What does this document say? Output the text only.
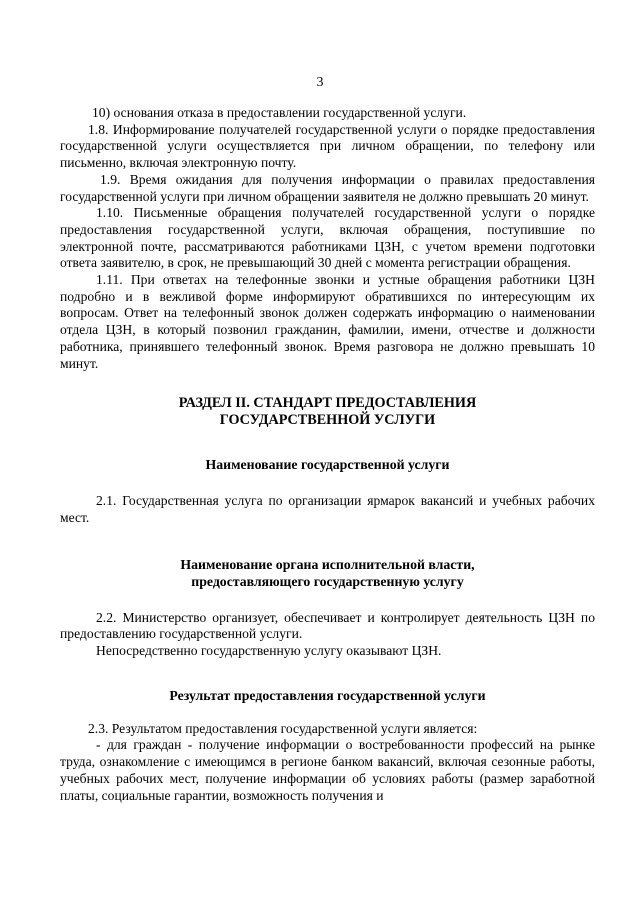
3

10) основания отказа в предоставлении государственной услуги.

1.8. Информирование получателей государственной услуги о порядке предоставления государственной услуги осуществляется при личном обращении, по телефону или письменно, включая электронную почту.

1.9. Время ожидания для получения информации о правилах предоставления государственной услуги при личном обращении заявителя не должно превышать 20 минут.

1.10. Письменные обращения получателей государственной услуги о порядке предоставления государственной услуги, включая обращения, поступившие по электронной почте, рассматриваются работниками ЦЗН, с учетом времени подготовки ответа заявителю, в срок, не превышающий 30 дней с момента регистрации обращения.

1.11. При ответах на телефонные звонки и устные обращения работники ЦЗН подробно и в вежливой форме информируют обратившихся по интересующим их вопросам. Ответ на телефонный звонок должен содержать информацию о наименовании отдела ЦЗН, в который позвонил гражданин, фамилии, имени, отчестве и должности работника, принявшего телефонный звонок. Время разговора не должно превышать 10 минут.

РАЗДЕЛ II. СТАНДАРТ ПРЕДОСТАВЛЕНИЯ
ГОСУДАРСТВЕННОЙ УСЛУГИ
Наименование государственной услуги

2.1. Государственная услуга по организации ярмарок вакансий и учебных рабочих мест.

Наименование органа исполнительной власти,
предоставляющего государственную услугу

2.2. Министерство организует, обеспечивает и контролирует деятельность ЦЗН по предоставлению государственной услуги.

Непосредственно государственную услугу оказывают ЦЗН.

Результат предоставления государственной услуги

2.3. Результатом предоставления государственной услуги является:

- для граждан - получение информации о востребованности профессий на рынке труда, ознакомление с имеющимся в регионе банком вакансий, включая сезонные работы, учебных рабочих мест, получение информации об условиях работы (размер заработной платы, социальные гарантии, возможность получения и
